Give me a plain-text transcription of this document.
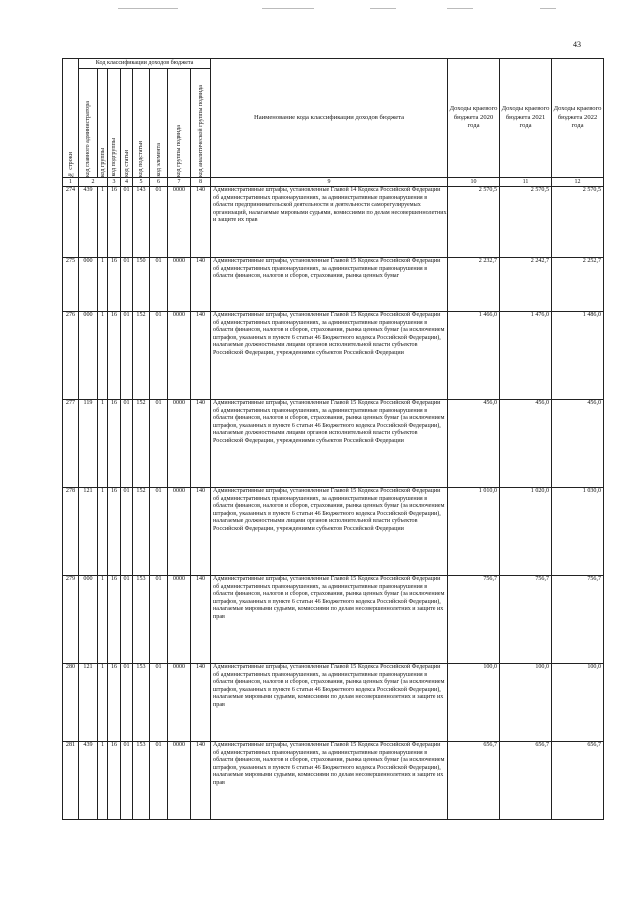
43
№ строки	Код классификации доходов бюджета								Наименование кода классификации доходов бюджета	Доходы краевого бюджета 2020 года	Доходы краевого бюджета 2021 года	Доходы краевого бюджета 2022 года

	код главного администратора	код группы	код подгруппы	код статьи	код подстатьи	код элемента	код группы подвида	код аналитической группы подвида				

1	2		3	4	5	6	7	8	9	10	11	12
274	439	1	16	01	143	01	0000	140	Административные штрафы, установленные Главой 14 Кодекса Российской Федерации об административных правонарушениях, за административные правонарушения в области предпринимательской деятельности и деятельности саморегулируемых организаций, налагаемые мировыми судьями, комиссиями по делам несовершеннолетних и защите их прав	2 570,5	2 570,5	2 570,5
275	000	1	16	01	150	01	0000	140	Административные штрафы, установленные Главой 15 Кодекса Российской Федерации об административных правонарушениях, за административные правонарушения в области финансов, налогов и сборов, страхования, рынка ценных бумаг	2 232,7	2 242,7	2 252,7
276	000	1	16	01	152	01	0000	140	Административные штрафы, установленные Главой 15 Кодекса Российской Федерации об административных правонарушениях, за административные правонарушения в области финансов, налогов и сборов, страхования, рынка ценных бумаг (за исключением штрафов, указанных в пункте 6 статьи 46 Бюджетного кодекса Российской Федерации), налагаемые должностными лицами органов исполнительной власти субъектов Российской Федерации, учреждениями субъектов Российской Федерации	1 466,0	1 476,0	1 486,0
277	119	1	16	01	152	01	0000	140	Административные штрафы, установленные Главой 15 Кодекса Российской Федерации об административных правонарушениях, за административные правонарушения в области финансов, налогов и сборов, страхования, рынка ценных бумаг (за исключением штрафов, указанных в пункте 6 статьи 46 Бюджетного кодекса Российской Федерации), налагаемые должностными лицами органов исполнительной власти субъектов Российской Федерации, учреждениями субъектов Российской Федерации	456,0	456,0	456,0
278	121	1	16	01	152	01	0000	140	Административные штрафы, установленные Главой 15 Кодекса Российской Федерации об административных правонарушениях, за административные правонарушения в области финансов, налогов и сборов, страхования, рынка ценных бумаг (за исключением штрафов, указанных в пункте 6 статьи 46 Бюджетного кодекса Российской Федерации), налагаемые должностными лицами органов исполнительной власти субъектов Российской Федерации, учреждениями субъектов Российской Федерации	1 010,0	1 020,0	1 030,0
279	000	1	16	01	153	01	0000	140	Административные штрафы, установленные Главой 15 Кодекса Российской Федерации об административных правонарушениях, за административные правонарушения в области финансов, налогов и сборов, страхования, рынка ценных бумаг (за исключением штрафов, указанных в пункте 6 статьи 46 Бюджетного кодекса Российской Федерации), налагаемые мировыми судьями, комиссиями по делам несовершеннолетних и защите их прав	756,7	756,7	756,7
280	121	1	16	01	153	01	0000	140	Административные штрафы, установленные Главой 15 Кодекса Российской Федерации об административных правонарушениях, за административные правонарушения в области финансов, налогов и сборов, страхования, рынка ценных бумаг (за исключением штрафов, указанных в пункте 6 статьи 46 Бюджетного кодекса Российской Федерации), налагаемые мировыми судьями, комиссиями по делам несовершеннолетних и защите их прав	100,0	100,0	100,0
281	439	1	16	01	153	01	0000	140	Административные штрафы, установленные Главой 15 Кодекса Российской Федерации об административных правонарушениях, за административные правонарушения в области финансов, налогов и сборов, страхования, рынка ценных бумаг (за исключением штрафов, указанных в пункте 6 статьи 46 Бюджетного кодекса Российской Федерации), налагаемые мировыми судьями, комиссиями по делам несовершеннолетних и защите их прав	656,7	656,7	656,7
